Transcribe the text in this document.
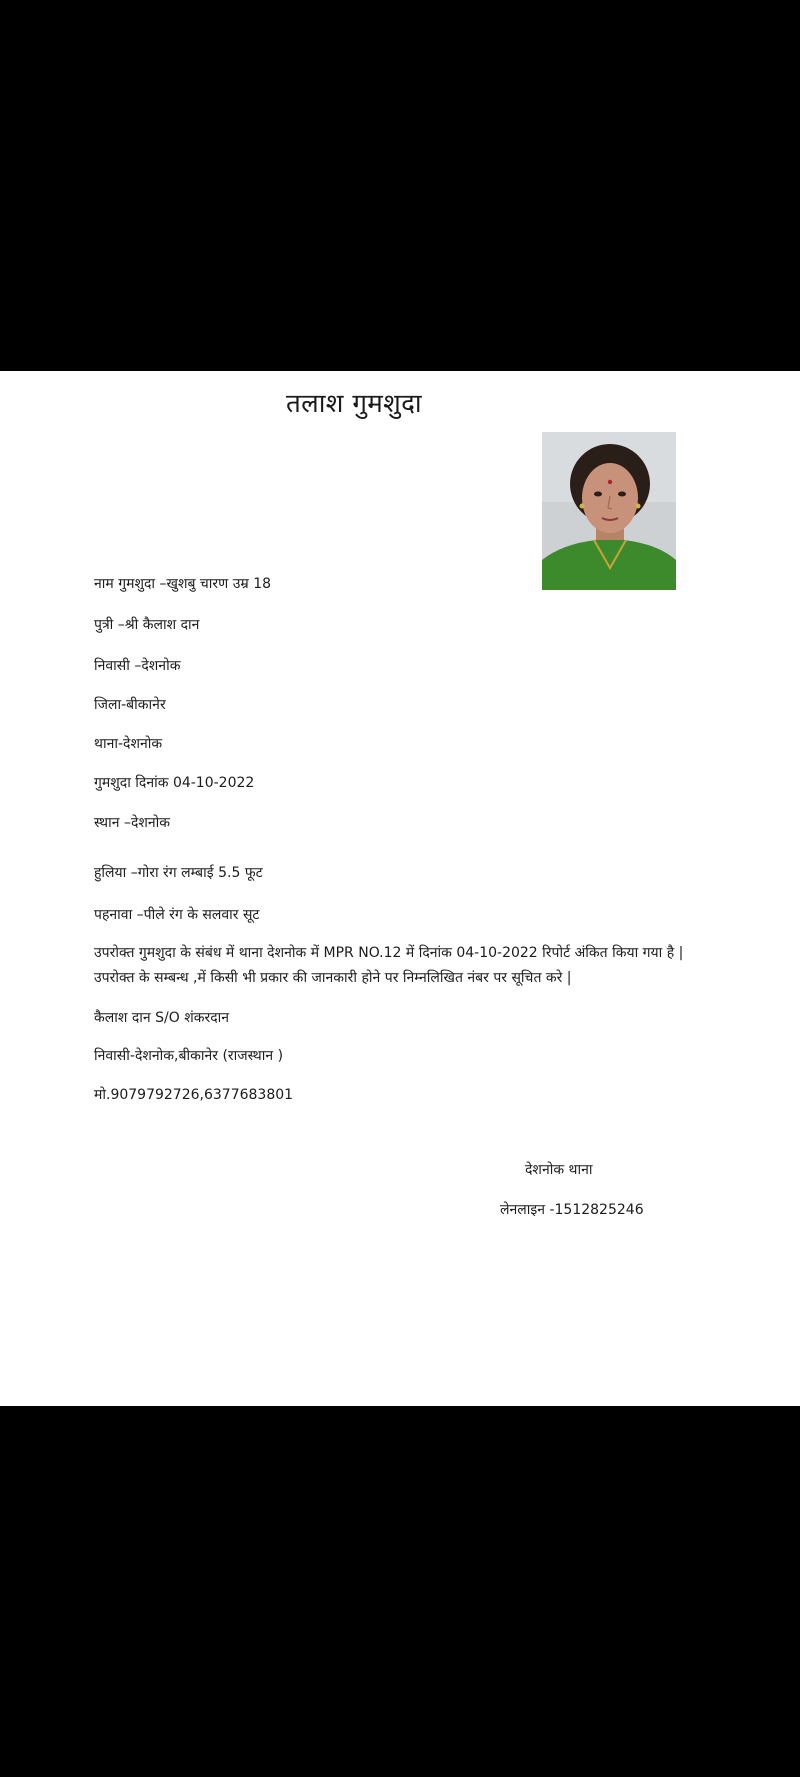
तलाश गुमशुदा
नाम गुमशुदा –खुशबु चारण उम्र 18
पुत्री –श्री कैलाश दान
निवासी –देशनोक
जिला-बीकानेर
थाना-देशनोक
गुमशुदा दिनांक 04-10-2022
स्थान –देशनोक
हुलिया –गोरा रंग लम्बाई 5.5 फूट
पहनावा –पीले रंग के सलवार सूट
उपरोक्त गुमशुदा के संबंध में थाना देशनोक में MPR NO.12 में दिनांक 04-10-2022 रिपोर्ट अंकित किया गया है |
उपरोक्त के सम्बन्ध ,में किसी भी प्रकार की जानकारी होने पर निम्नलिखित नंबर पर सूचित करे |
कैलाश दान S/O शंकरदान
निवासी-देशनोक,बीकानेर (राजस्थान )
मो.9079792726,6377683801
देशनोक थाना
लेनलाइन -1512825246
